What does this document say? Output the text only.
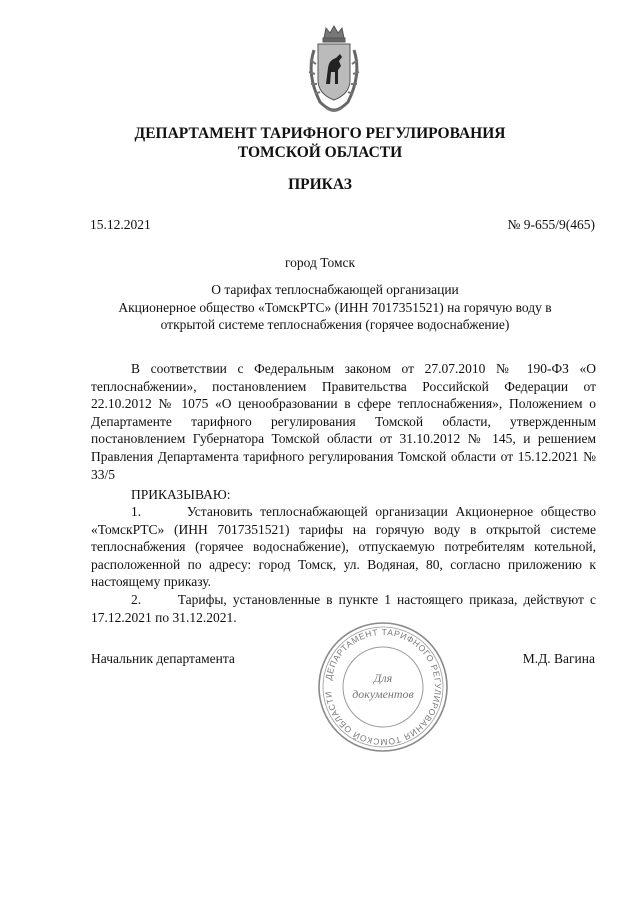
ДЕПАРТАМЕНТ ТАРИФНОГО РЕГУЛИРОВАНИЯ
ТОМСКОЙ ОБЛАСТИ
ПРИКАЗ
15.12.2021	№ 9-655/9(465)
город Томск
О тарифах теплоснабжающей организации
Акционерное общество «ТомскРТС» (ИНН 7017351521) на горячую воду в
открытой системе теплоснабжения (горячее водоснабжение)
В соответствии с Федеральным законом от 27.07.2010 № 190-ФЗ «О теплоснабжении», постановлением Правительства Российской Федерации от 22.10.2012 № 1075 «О ценообразовании в сфере теплоснабжения», Положением о Департаменте тарифного регулирования Томской области, утвержденным постановлением Губернатора Томской области от 31.10.2012 № 145, и решением Правления Департамента тарифного регулирования Томской области от 15.12.2021 № 33/5
ПРИКАЗЫВАЮ:
1.      Установить теплоснабжающей организации Акционерное общество «ТомскРТС» (ИНН 7017351521) тарифы на горячую воду в открытой системе теплоснабжения (горячее водоснабжение), отпускаемую потребителям котельной, расположенной по адресу: город Томск, ул. Водяная, 80, согласно приложению к настоящему приказу.
2.      Тарифы, установленные в пункте 1 настоящего приказа, действуют с 17.12.2021 по 31.12.2021.
Начальник департамента	М.Д. Вагина
ДЕПАРТАМЕНТ ТАРИФНОГО РЕГУЛИРОВАНИЯ ТОМСКОЙ ОБЛАСТИ
Для
документов
